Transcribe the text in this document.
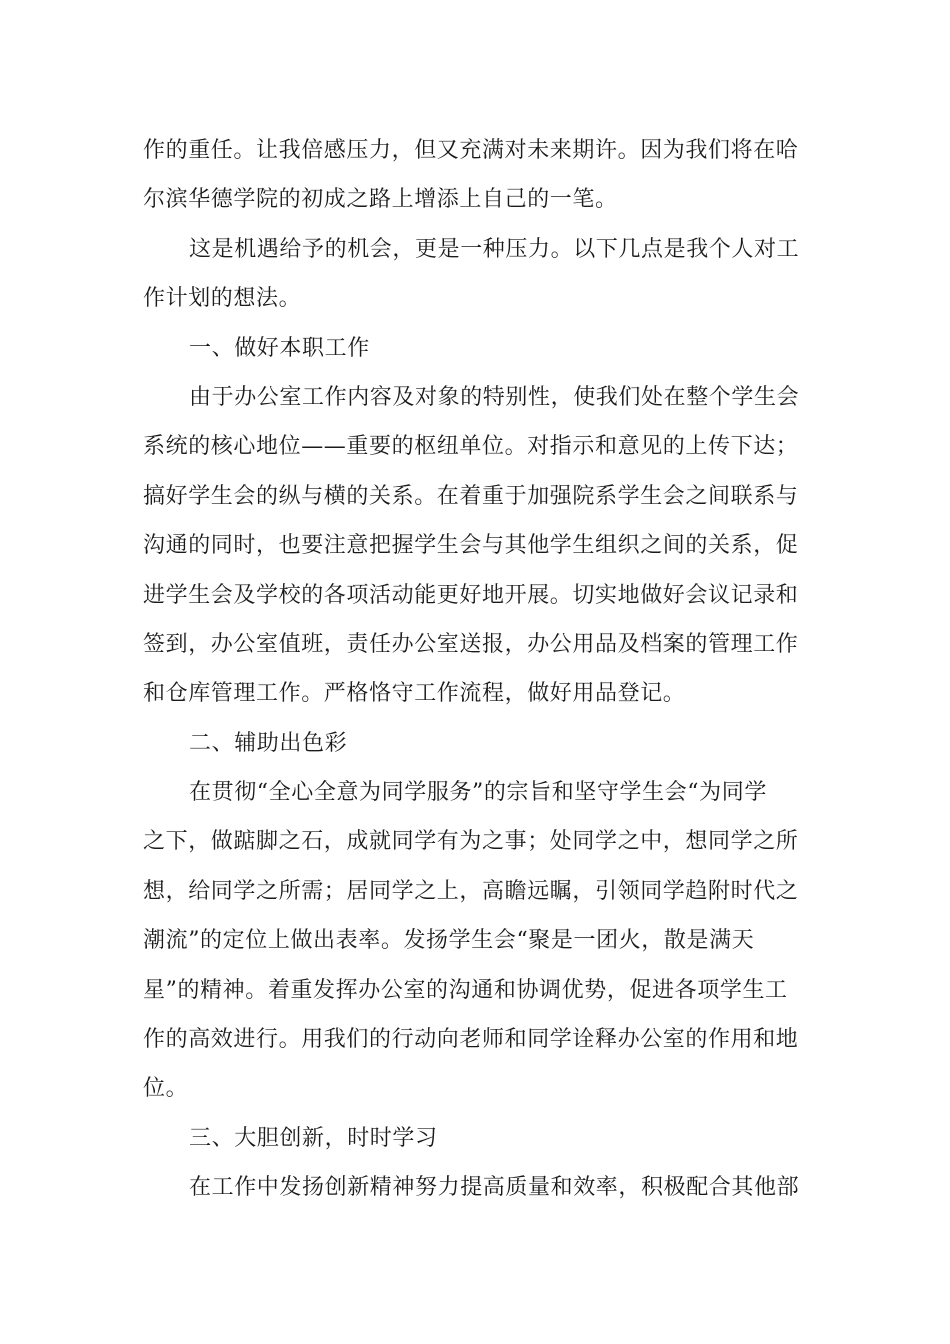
作的重任。让我倍感压力，但又充满对未来期许。因为我们将在哈
尔滨华德学院的初成之路上增添上自己的一笔。
这是机遇给予的机会，更是一种压力。以下几点是我个人对工
作计划的想法。
一、做好本职工作
由于办公室工作内容及对象的特别性，使我们处在整个学生会
系统的核心地位——重要的枢纽单位。对指示和意见的上传下达；
搞好学生会的纵与横的关系。在着重于加强院系学生会之间联系与
沟通的同时，也要注意把握学生会与其他学生组织之间的关系，促
进学生会及学校的各项活动能更好地开展。切实地做好会议记录和
签到，办公室值班，责任办公室送报，办公用品及档案的管理工作
和仓库管理工作。严格恪守工作流程，做好用品登记。
二、辅助出色彩
在贯彻“全心全意为同学服务”的宗旨和坚守学生会“为同学
之下，做踮脚之石，成就同学有为之事；处同学之中，想同学之所
想，给同学之所需；居同学之上，高瞻远瞩，引领同学趋附时代之
潮流”的定位上做出表率。发扬学生会“聚是一团火，散是满天
星”的精神。着重发挥办公室的沟通和协调优势，促进各项学生工
作的高效进行。用我们的行动向老师和同学诠释办公室的作用和地
位。
三、大胆创新，时时学习
在工作中发扬创新精神努力提高质量和效率，积极配合其他部
